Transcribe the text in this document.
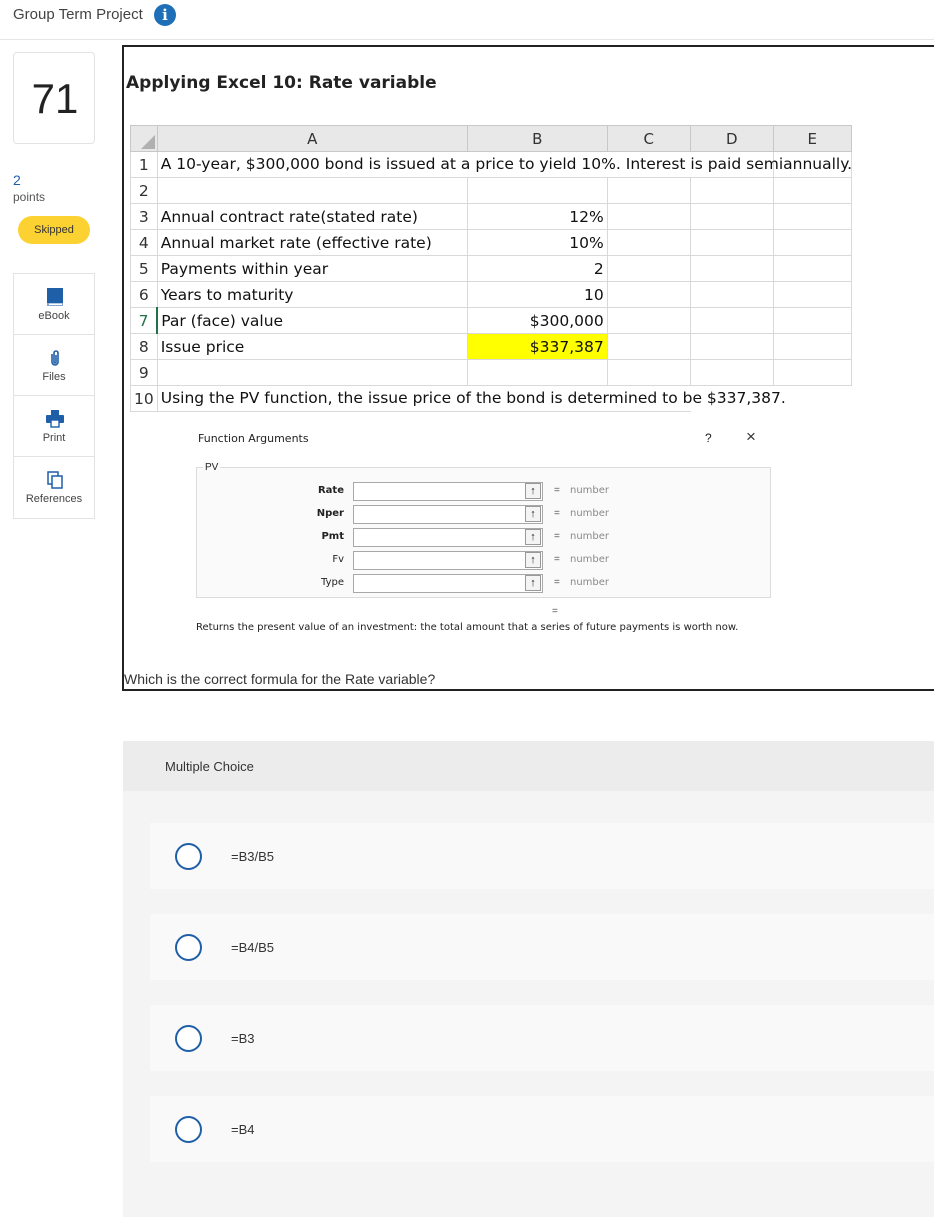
Group Term Project	i
71
2
points
Skipped
eBook
Files
Print
References
Applying Excel 10: Rate variable
	A	B	C	D	E
1	A 10-year, $300,000 bond is issued at a price to yield 10%. Interest is paid semiannually.				

2					
3	Annual contract rate(stated rate)	12%			
4	Annual market rate (effective rate)	10%			
5	Payments within year	2			
6	Years to maturity	10			
7	Par (face) value	$300,000			
8	Issue price	$337,387			
9					
10	Using the PV function, the issue price of the bond is determined to be $337,387.				

Function Arguments	? ×
PV
Rate	↑	= number
Nper	↑	= number
Pmt	↑	= number
Fv	↑	= number
Type	↑	= number
=
Returns the present value of an investment: the total amount that a series of future payments is worth now.
Which is the correct formula for the Rate variable?
Multiple Choice
=B3/B5
=B4/B5
=B3
=B4
